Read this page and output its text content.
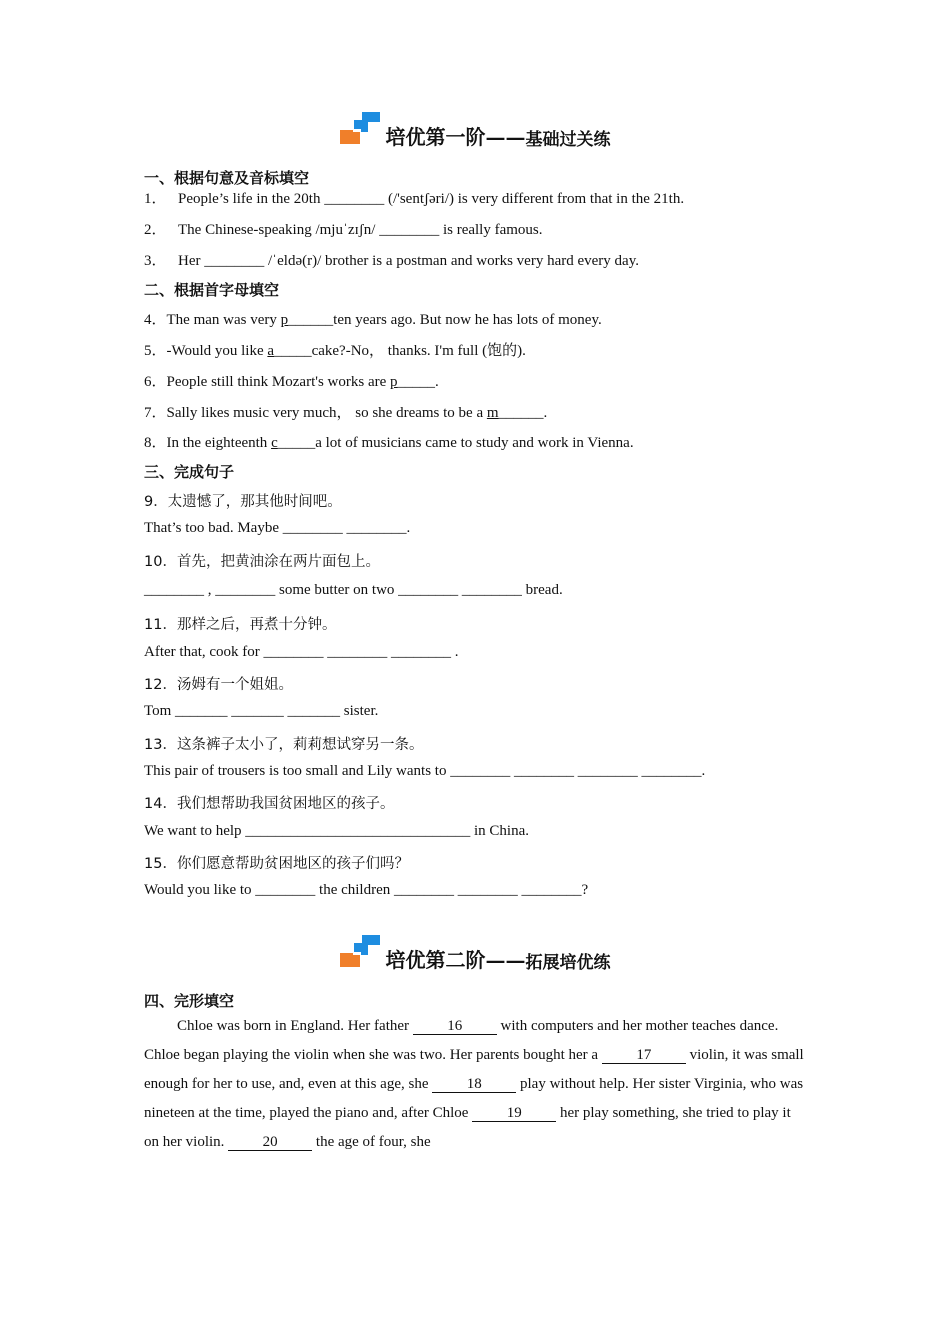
培优第一阶—— 基础过关练
一、根据句意及音标填空
1． People’s life in the 20th ________ (/'sentʃəri/) is very different from that in the 21th.
2． The Chinese-speaking /mjuˈzɪʃn/ ________ is really famous.
3． Her ________ /ˈeldə(r)/ brother is a postman and works very hard every day.
二、根据首字母填空
4．The man was very p______ten years ago. But now he has lots of money.
5．-Would you like a_____cake?-No， thanks. I'm full (饱的).
6．People still think Mozart's works are p_____.
7．Sally likes music very much， so she dreams to be a m______.
8．In the eighteenth c_____a lot of musicians came to study and work in Vienna.
三、完成句子
9．太遗憾了，那其他时间吧。
That’s too bad. Maybe ________ ________.
10．首先，把黄油涂在两片面包上。
________ , ________ some butter on two ________ ________ bread.
11．那样之后，再煮十分钟。
After that, cook for ________ ________ ________ .
12．汤姆有一个姐姐。
Tom _______ _______ _______ sister.
13．这条裤子太小了，莉莉想试穿另一条。
This pair of trousers is too small and Lily wants to ________ ________ ________ ________.
14．我们想帮助我国贫困地区的孩子。
We want to help ______________________________ in China.
15．你们愿意帮助贫困地区的孩子们吗？
Would you like to ________ the children ________ ________ ________?
培优第二阶—— 拓展培优练
四、完形填空
Chloe was born in England. Her father 16 with computers and her mother teaches dance. Chloe began playing the violin when she was two. Her parents bought her a 17 violin, it was small enough for her to use, and, even at this age, she 18 play without help. Her sister Virginia, who was nineteen at the time, played the piano and, after Chloe 19 her play something, she tried to play it on her violin. 20 the age of four, she
